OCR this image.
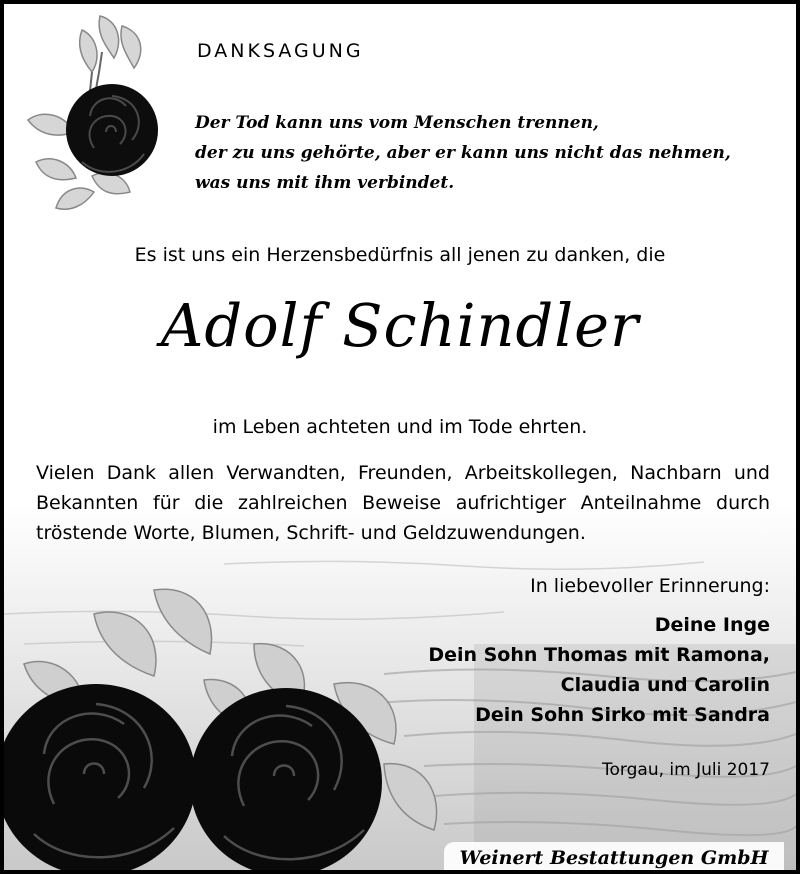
DANKSAGUNG
Der Tod kann uns vom Menschen trennen,
der zu uns gehörte, aber er kann uns nicht das nehmen,
was uns mit ihm verbindet.
Es ist uns ein Herzensbedürfnis all jenen zu danken, die
Adolf Schindler
im Leben achteten und im Tode ehrten.
Vielen Dank allen Verwandten, Freunden, Arbeitskollegen, Nachbarn und Bekannten für die zahlreichen Beweise aufrichtiger Anteilnahme durch tröstende Worte, Blumen, Schrift- und Geldzuwendungen.
In liebevoller Erinnerung:
Deine Inge
Dein Sohn Thomas mit Ramona,
Claudia und Carolin
Dein Sohn Sirko mit Sandra
Torgau, im Juli 2017
Weinert Bestattungen GmbH
